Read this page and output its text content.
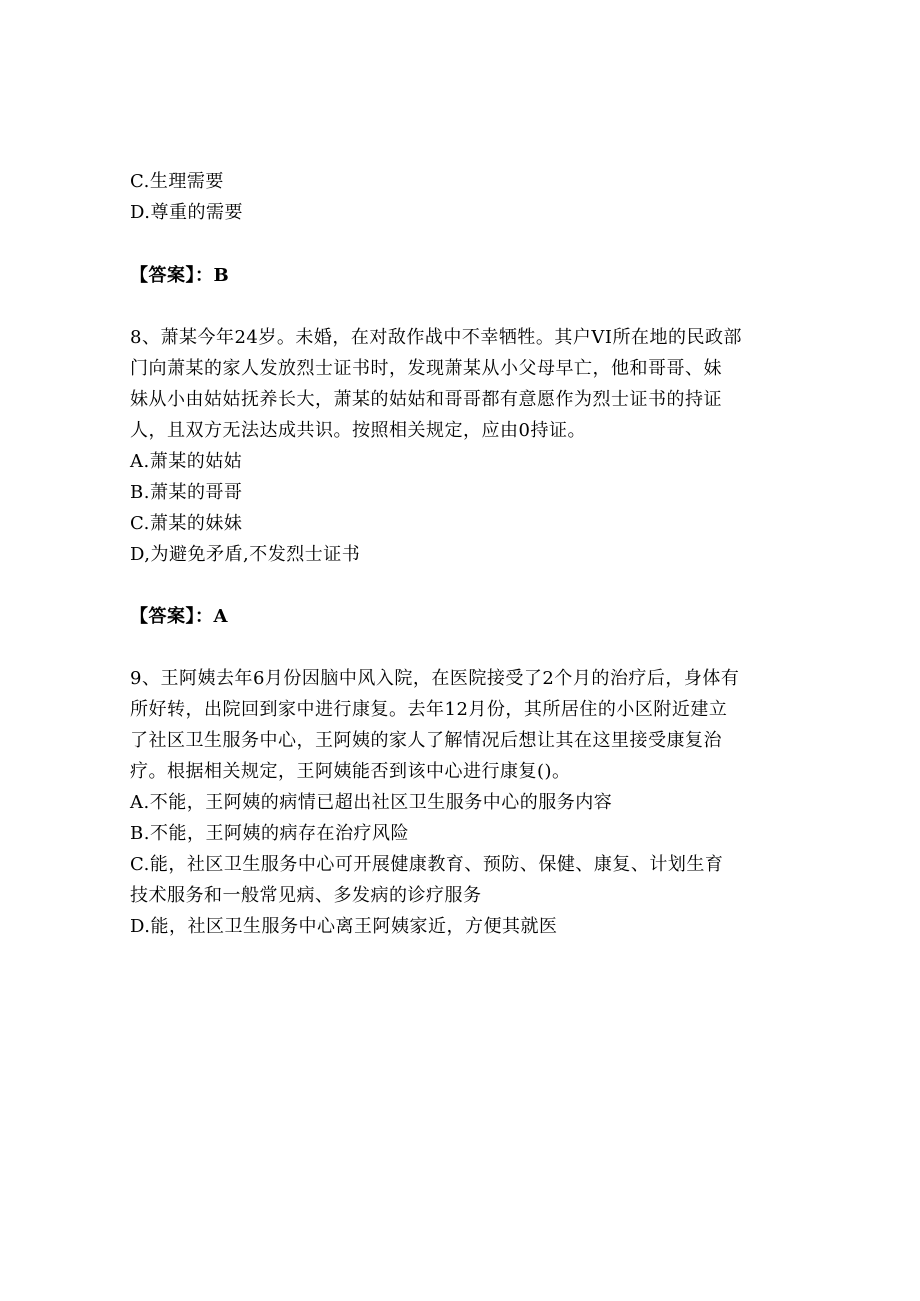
C.生理需要
D.尊重的需要
【答案】：B
8、萧某今年24岁。未婚，在对敌作战中不幸牺牲。其户VI所在地的民政部
门向萧某的家人发放烈士证书时，发现萧某从小父母早亡，他和哥哥、妹
妹从小由姑姑抚养长大，萧某的姑姑和哥哥都有意愿作为烈士证书的持证
人，且双方无法达成共识。按照相关规定，应由0持证。
A.萧某的姑姑
B.萧某的哥哥
C.萧某的妹妹
D,为避免矛盾,不发烈士证书
【答案】：A
9、王阿姨去年6月份因脑中风入院，在医院接受了2个月的治疗后，身体有
所好转，出院回到家中进行康复。去年12月份，其所居住的小区附近建立
了社区卫生服务中心，王阿姨的家人了解情况后想让其在这里接受康复治
疗。根据相关规定，王阿姨能否到该中心进行康复()。
A.不能，王阿姨的病情已超出社区卫生服务中心的服务内容
B.不能，王阿姨的病存在治疗风险
C.能，社区卫生服务中心可开展健康教育、预防、保健、康复、计划生育
技术服务和一般常见病、多发病的诊疗服务
D.能，社区卫生服务中心离王阿姨家近，方便其就医
